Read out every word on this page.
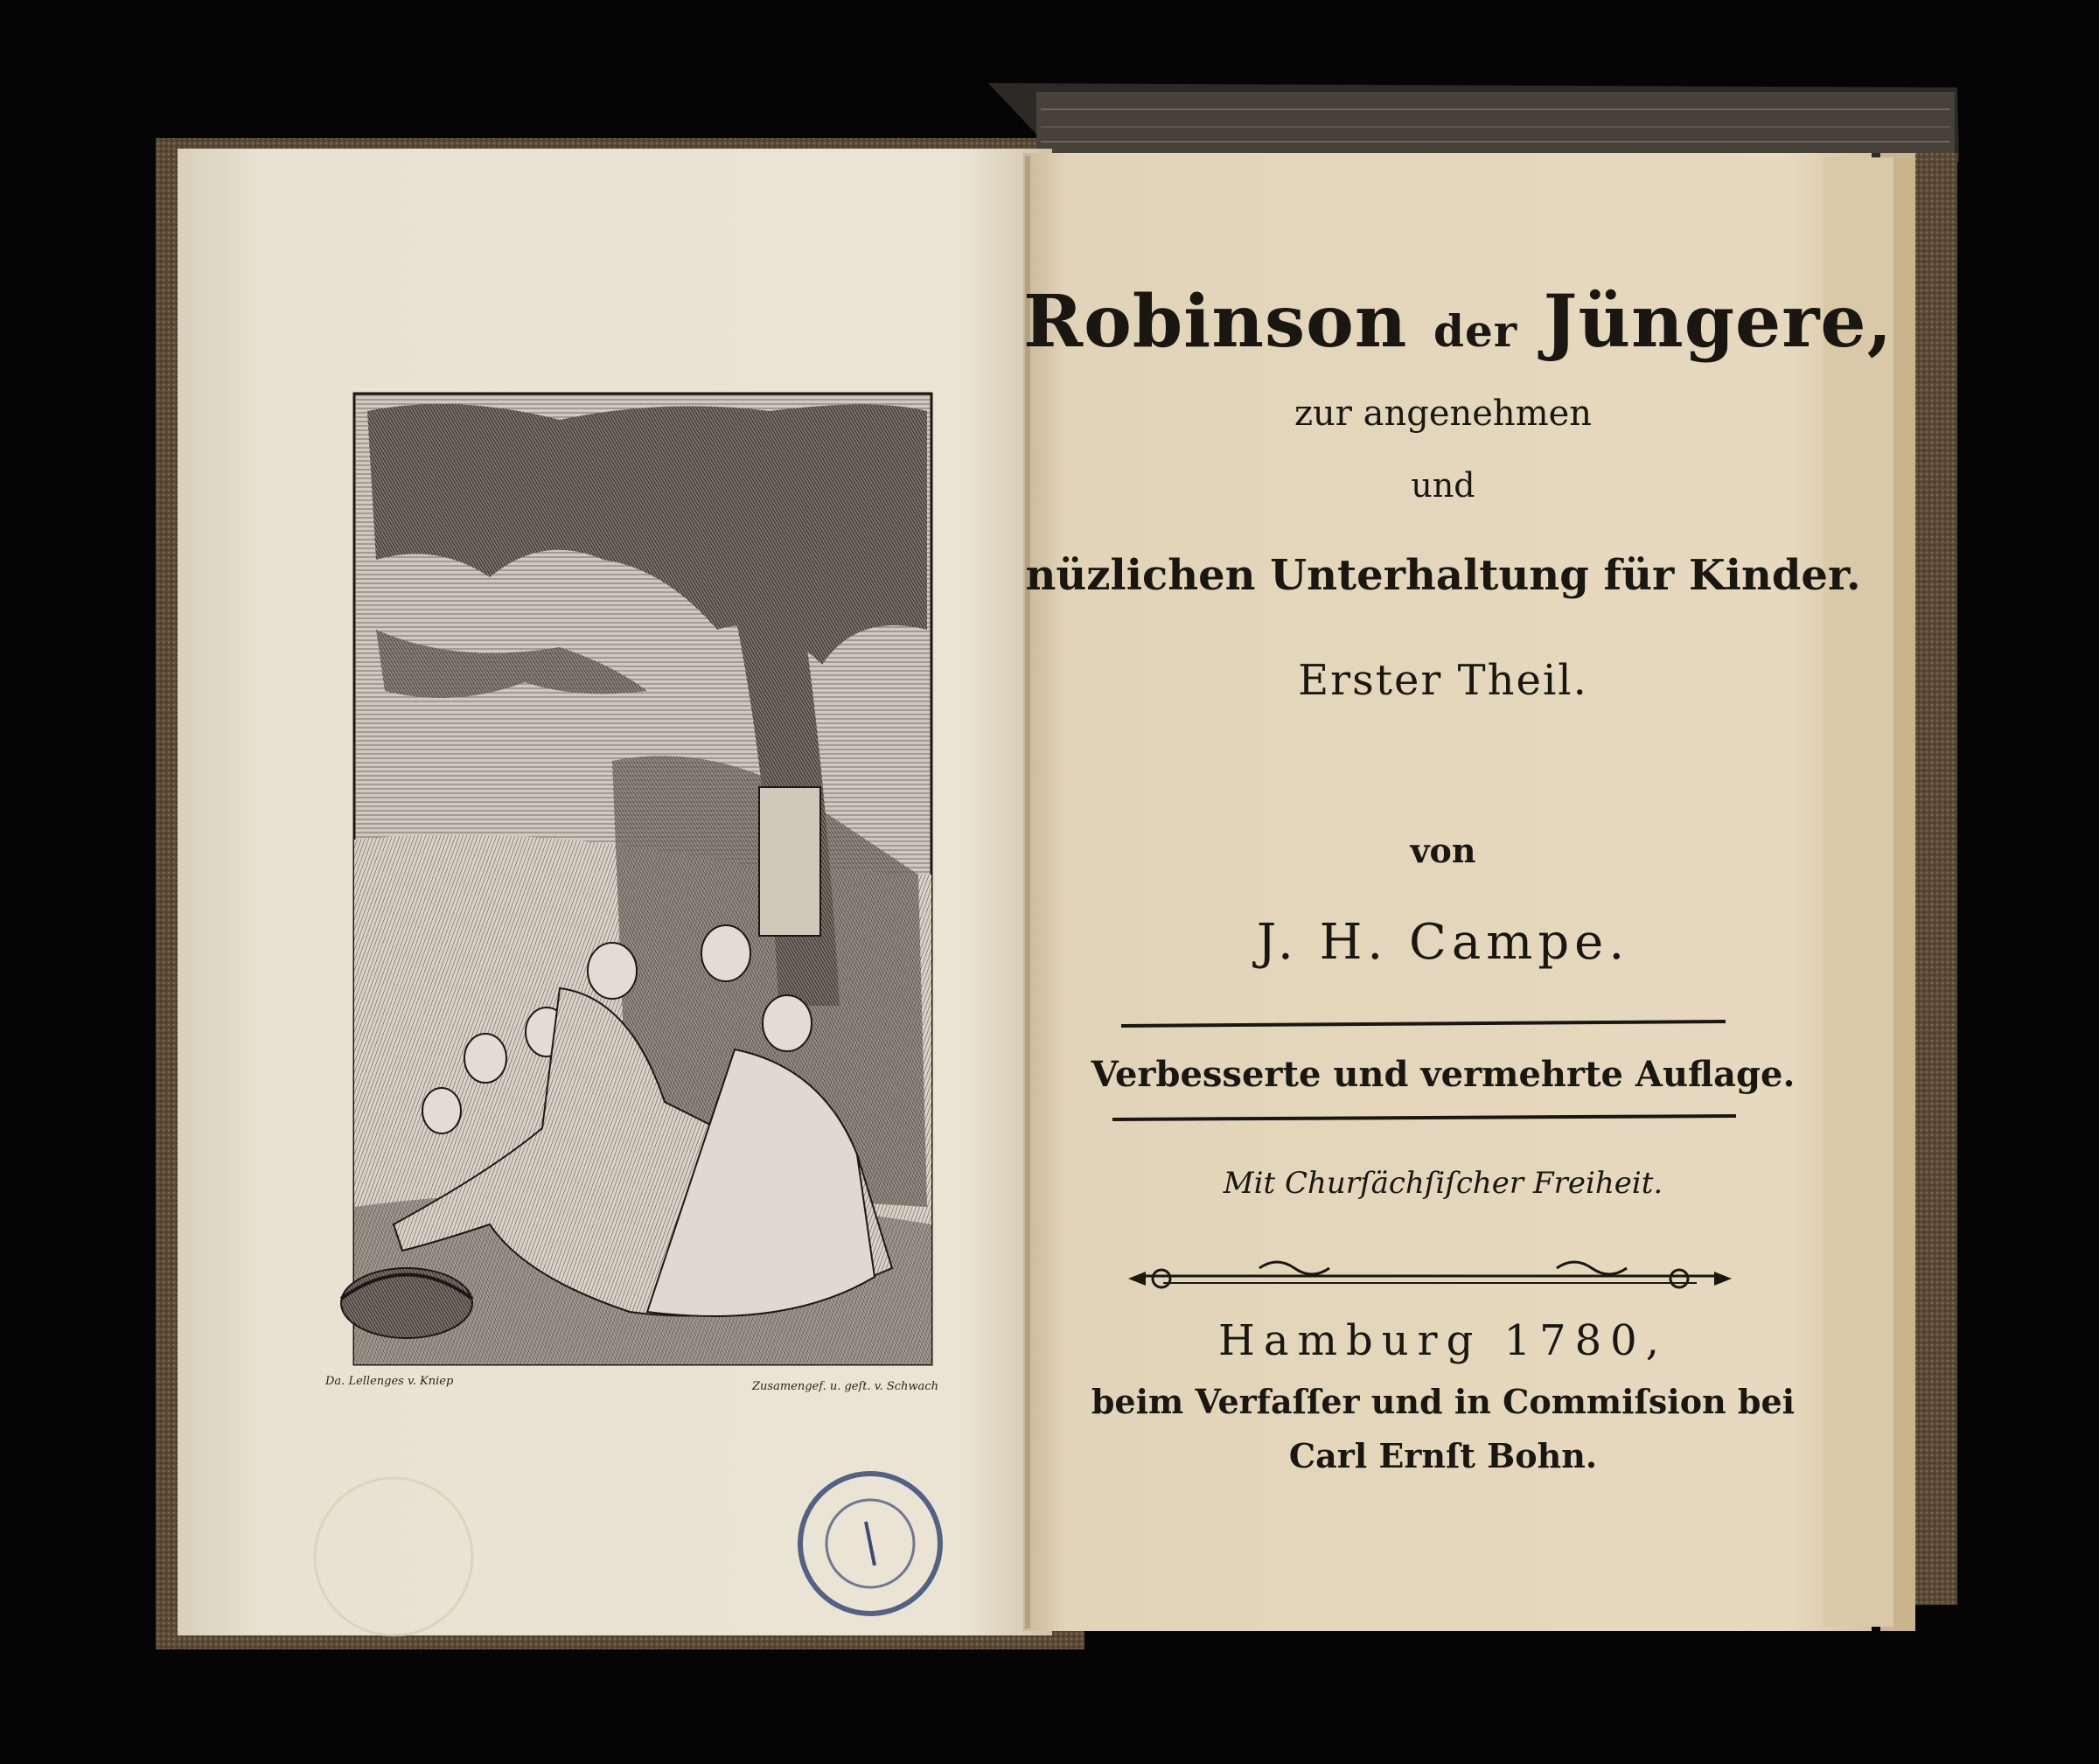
Da. Lellenges v. Kniep	Zusamengef. u. geſt. v. Schwach
Robinson der Jüngere,
zur angenehmen
und
nüzlichen Unterhaltung für Kinder.
Erster Theil.
von
J. H. Campe.
Verbesserte und vermehrte Auflage.
Mit Churſächſiſcher Freiheit.
Hamburg 1780,
beim Verfaſſer und in Commiſsion bei
Carl Ernſt Bohn.
